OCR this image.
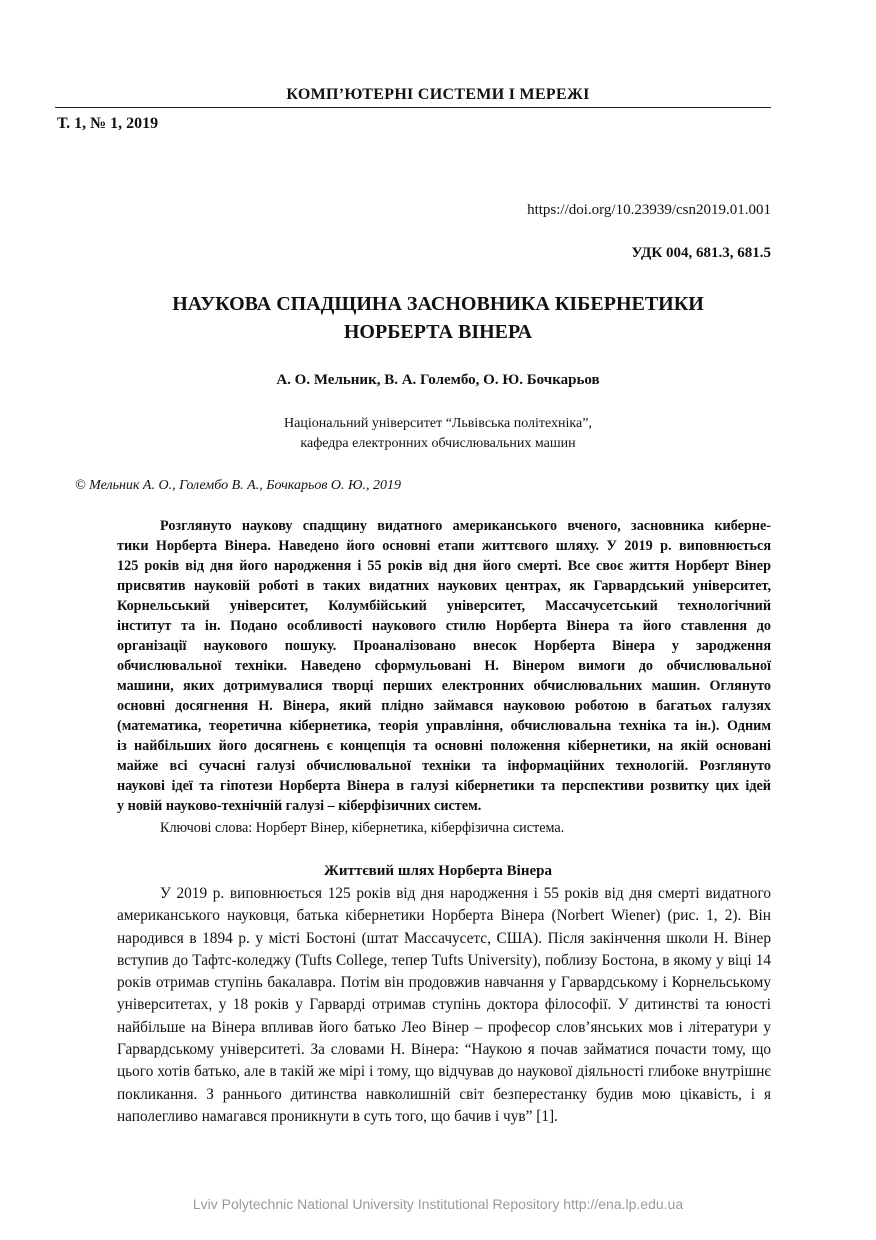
КОМП’ЮТЕРНІ СИСТЕМИ І МЕРЕЖІ
Т. 1, № 1, 2019
https://doi.org/10.23939/csn2019.01.001
УДК 004, 681.3, 681.5
НАУКОВА СПАДЩИНА ЗАСНОВНИКА КІБЕРНЕТИКИ
НОРБЕРТА ВІНЕРА
А. О. Мельник, В. А. Голембо, О. Ю. Бочкарьов
Національний університет “Львівська політехніка”,
кафедра електронних обчислювальних машин
© Мельник А. О., Голембо В. А., Бочкарьов О. Ю., 2019
Розглянуто наукову спадщину видатного американського вченого, засновника киберне-
тики Норберта Вінера. Наведено його основні етапи життєвого шляху. У 2019 р. виповнюється
125 років від дня його народження і 55 років від дня його смерті. Все своє життя Норберт Вінер
присвятив науковій роботі в таких видатних наукових центрах, як Гарвардський університет,
Корнельський університет, Колумбійський університет, Массачусетський технологічний
інститут та ін. Подано особливості наукового стилю Норберта Вінера та його ставлення до
організації наукового пошуку. Проаналізовано внесок Норберта Вінера у зародження
обчислювальної техніки. Наведено сформульовані Н. Вінером вимоги до обчислювальної
машини, яких дотримувалися творці перших електронних обчислювальних машин. Оглянуто
основні досягнення Н. Вінера, який плідно займався науковою роботою в багатьох галузях
(математика, теоретична кібернетика, теорія управління, обчислювальна техніка та ін.). Одним
із найбільших його досягнень є концепція та основні положення кібернетики, на якій основані
майже всі сучасні галузі обчислювальної техніки та інформаційних технологій. Розглянуто
наукові ідеї та гіпотези Норберта Вінера в галузі кібернетики та перспективи розвитку цих ідей
у новій науково-технічній галузі – кіберфізичних систем.
Ключові слова: Норберт Вінер, кібернетика, кіберфізична система.
Життєвий шлях Норберта Вінера
У 2019 р. виповнюється 125 років від дня народження і 55 років від дня смерті видатного
американського науковця, батька кібернетики Норберта Вінера (Norbert Wiener) (рис. 1, 2). Він
народився в 1894 р. у місті Бостоні (штат Массачусетс, США). Після закінчення школи Н. Вінер
вступив до Тафтс-коледжу (Tufts College, тепер Tufts University), поблизу Бостона, в якому у віці 14
років отримав ступінь бакалавра. Потім він продовжив навчання у Гарвардському і Корнельському
університетах, у 18 років у Гарварді отримав ступінь доктора філософії. У дитинстві та юності
найбільше на Вінера впливав його батько Лео Вінер – професор слов’янських мов і літератури у
Гарвардському університеті. За словами Н. Вінера: “Наукою я почав займатися почасти тому, що
цього хотів батько, але в такій же мірі і тому, що відчував до наукової діяльності глибоке внутрішнє
покликання. З раннього дитинства навколишній світ безперестанку будив мою цікавість, і я
наполегливо намагався проникнути в суть того, що бачив і чув” [1].
Lviv Polytechnic National University Institutional Repository http://ena.lp.edu.ua
